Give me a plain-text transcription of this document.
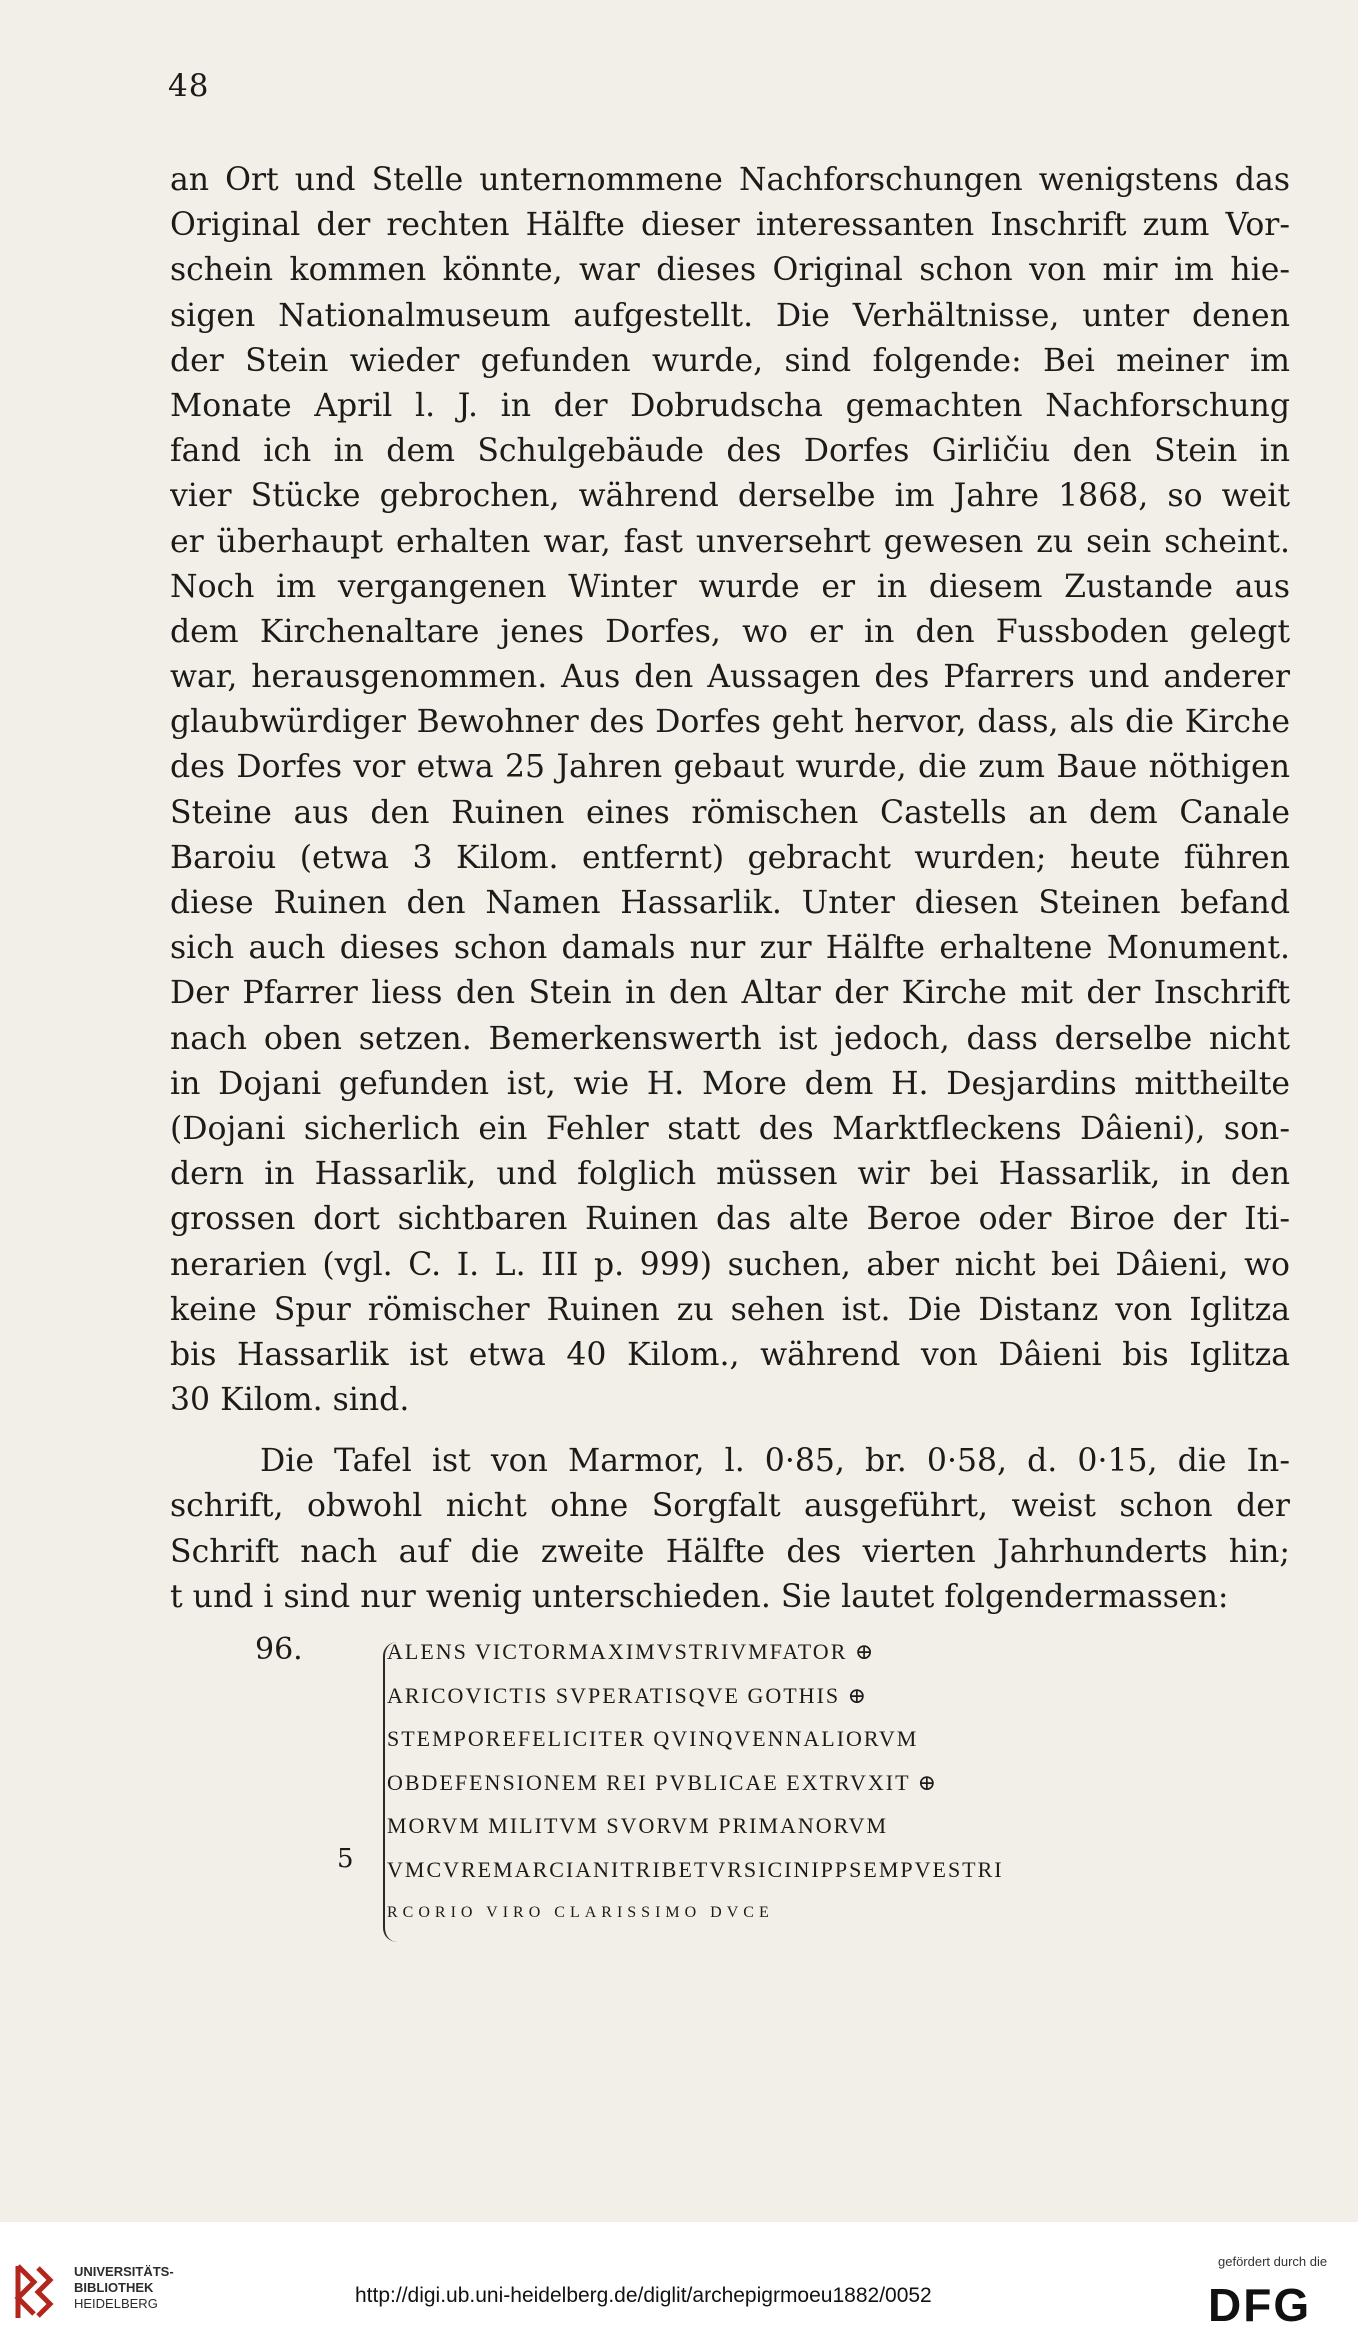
48
an Ort und Stelle unternommene Nachforschungen wenigstens das
Original der rechten Hälfte dieser interessanten Inschrift zum Vor-
schein kommen könnte, war dieses Original schon von mir im hie-
sigen Nationalmuseum aufgestellt. Die Verhältnisse, unter denen
der Stein wieder gefunden wurde, sind folgende: Bei meiner im
Monate April l. J. in der Dobrudscha gemachten Nachforschung
fand ich in dem Schulgebäude des Dorfes Girličiu den Stein in
vier Stücke gebrochen, während derselbe im Jahre 1868, so weit
er überhaupt erhalten war, fast unversehrt gewesen zu sein scheint.
Noch im vergangenen Winter wurde er in diesem Zustande aus
dem Kirchenaltare jenes Dorfes, wo er in den Fussboden gelegt
war, herausgenommen. Aus den Aussagen des Pfarrers und anderer
glaubwürdiger Bewohner des Dorfes geht hervor, dass, als die Kirche
des Dorfes vor etwa 25 Jahren gebaut wurde, die zum Baue nöthigen
Steine aus den Ruinen eines römischen Castells an dem Canale
Baroiu (etwa 3 Kilom. entfernt) gebracht wurden; heute führen
diese Ruinen den Namen Hassarlik. Unter diesen Steinen befand
sich auch dieses schon damals nur zur Hälfte erhaltene Monument.
Der Pfarrer liess den Stein in den Altar der Kirche mit der Inschrift
nach oben setzen. Bemerkenswerth ist jedoch, dass derselbe nicht
in Dojani gefunden ist, wie H. More dem H. Desjardins mittheilte
(Dojani sicherlich ein Fehler statt des Marktfleckens Dâieni), son-
dern in Hassarlik, und folglich müssen wir bei Hassarlik, in den
grossen dort sichtbaren Ruinen das alte Beroe oder Biroe der Iti-
nerarien (vgl. C. I. L. III p. 999) suchen, aber nicht bei Dâieni, wo
keine Spur römischer Ruinen zu sehen ist. Die Distanz von Iglitza
bis Hassarlik ist etwa 40 Kilom., während von Dâieni bis Iglitza
30 Kilom. sind.
Die Tafel ist von Marmor, l. 0·85, br. 0·58, d. 0·15, die In-
schrift, obwohl nicht ohne Sorgfalt ausgeführt, weist schon der
Schrift nach auf die zweite Hälfte des vierten Jahrhunderts hin;
t und i sind nur wenig unterschieden. Sie lautet folgendermassen:
96.
5
ALENS VICTORMAXIMVSTRIVMFATOR ⊕
ARICOVICTIS SVPERATISQVE GOTHIS ⊕
STEMPOREFELICITER QVINQVENNALIORVM
OBDEFENSIONEM REI PVBLICAE EXTRVXIT ⊕
MORVM MILITVM SVORVM PRIMANORVM
VMCVREMARCIANITRIBETVRSICINIPPSEMPVESTRI
RCORIO VIRO CLARISSIMO DVCE
UNIVERSITÄTS-
BIBLIOTHEK
HEIDELBERG	http://digi.ub.uni-heidelberg.de/diglit/archepigrmoeu1882/0052
gefördert durch die
DFG
